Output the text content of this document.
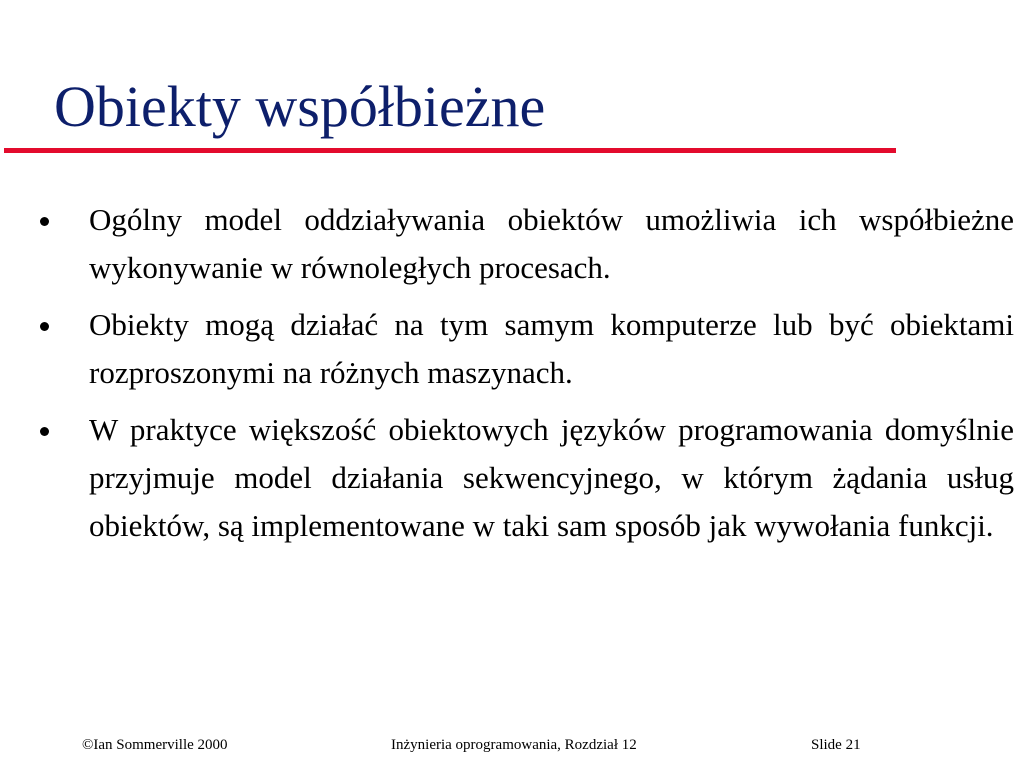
Obiekty współbieżne
Ogólny model oddziaływania obiektów umożliwia ich współbieżne wykonywanie w równoległych procesach.
Obiekty mogą działać na tym samym komputerze lub być obiektami rozproszonymi na różnych maszynach.
W praktyce większość obiektowych języków programowania domyślnie przyjmuje model działania sekwencyjnego, w którym żądania usług obiektów, są implementowane w taki sam sposób jak wywołania funkcji.
©Ian Sommerville 2000	Inżynieria oprogramowania, Rozdział 12	Slide 21
